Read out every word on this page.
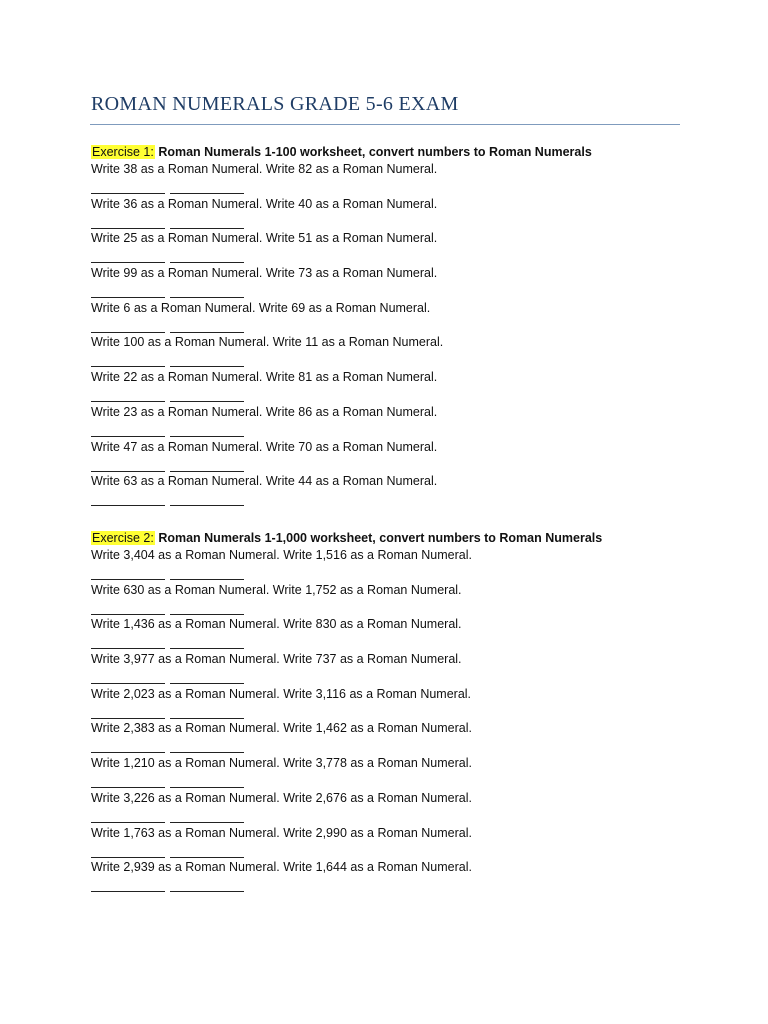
ROMAN NUMERALS GRADE 5-6 EXAM
Exercise 1: Roman Numerals 1-100 worksheet, convert numbers to Roman Numerals
Write 38 as a Roman Numeral. Write 82 as a Roman Numeral.
Write 36 as a Roman Numeral. Write 40 as a Roman Numeral.
Write 25 as a Roman Numeral. Write 51 as a Roman Numeral.
Write 99 as a Roman Numeral. Write 73 as a Roman Numeral.
Write 6 as a Roman Numeral. Write 69 as a Roman Numeral.
Write 100 as a Roman Numeral. Write 11 as a Roman Numeral.
Write 22 as a Roman Numeral. Write 81 as a Roman Numeral.
Write 23 as a Roman Numeral. Write 86 as a Roman Numeral.
Write 47 as a Roman Numeral. Write 70 as a Roman Numeral.
Write 63 as a Roman Numeral. Write 44 as a Roman Numeral.
Exercise 2: Roman Numerals 1-1,000 worksheet, convert numbers to Roman Numerals
Write 3,404 as a Roman Numeral. Write 1,516 as a Roman Numeral.
Write 630 as a Roman Numeral. Write 1,752 as a Roman Numeral.
Write 1,436 as a Roman Numeral. Write 830 as a Roman Numeral.
Write 3,977 as a Roman Numeral. Write 737 as a Roman Numeral.
Write 2,023 as a Roman Numeral. Write 3,116 as a Roman Numeral.
Write 2,383 as a Roman Numeral. Write 1,462 as a Roman Numeral.
Write 1,210 as a Roman Numeral. Write 3,778 as a Roman Numeral.
Write 3,226 as a Roman Numeral. Write 2,676 as a Roman Numeral.
Write 1,763 as a Roman Numeral. Write 2,990 as a Roman Numeral.
Write 2,939 as a Roman Numeral. Write 1,644 as a Roman Numeral.
